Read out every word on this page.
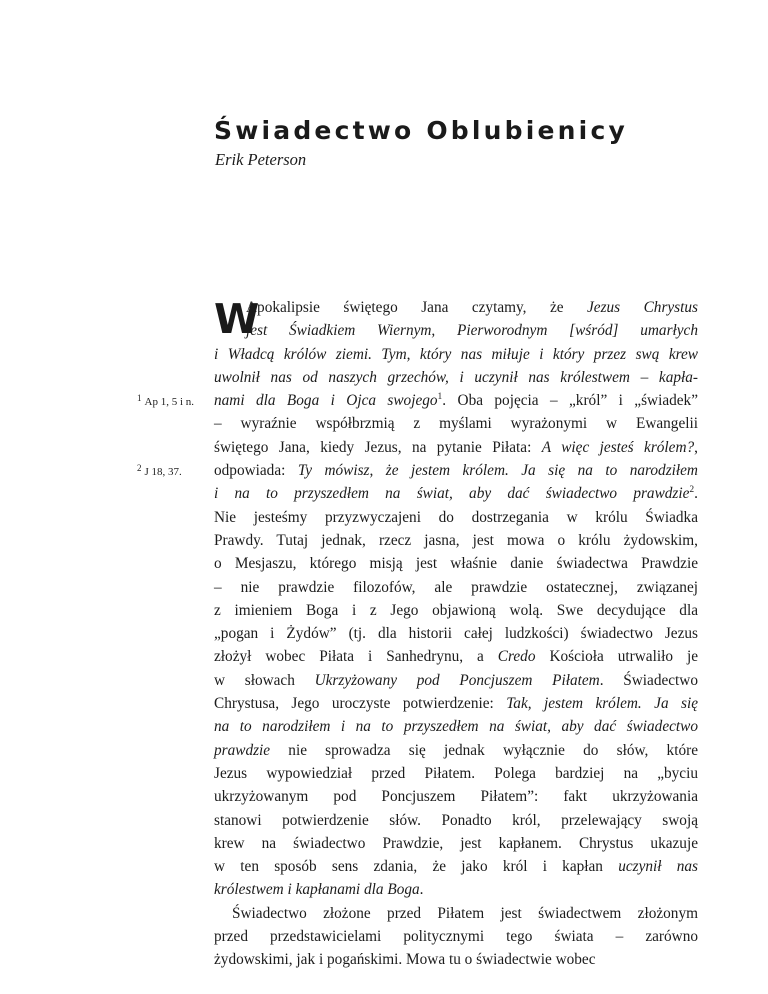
Świadectwo Oblubienicy
Erik Peterson
$^1$ Ap 1, 5 i n.
$^2$ J 18, 37.
W
Apokalipsie świętego Jana czytamy, że Jezus Chrystus
jest Świadkiem Wiernym, Pierworodnym [wśród] umarłych
i Władcą królów ziemi. Tym, który nas miłuje i który przez swą krew
uwolnił nas od naszych grzechów, i uczynił nas królestwem – kapła-
nami dla Boga i Ojca swojego$^1$. Oba pojęcia – „król” i „świadek”
– wyraźnie współbrzmią z myślami wyrażonymi w Ewangelii
świętego Jana, kiedy Jezus, na pytanie Piłata: A więc jesteś królem?,
odpowiada: Ty mówisz, że jestem królem. Ja się na to narodziłem
i na to przyszedłem na świat, aby dać świadectwo prawdzie$^2$.
Nie jesteśmy przyzwyczajeni do dostrzegania w królu Świadka
Prawdy. Tutaj jednak, rzecz jasna, jest mowa o królu żydowskim,
o Mesjaszu, którego misją jest właśnie danie świadectwa Prawdzie
– nie prawdzie filozofów, ale prawdzie ostatecznej, związanej
z imieniem Boga i z Jego objawioną wolą. Swe decydujące dla
„pogan i Żydów” (tj. dla historii całej ludzkości) świadectwo Jezus
złożył wobec Piłata i Sanhedrynu, a Credo Kościoła utrwaliło je
w słowach Ukrzyżowany pod Poncjuszem Piłatem. Świadectwo
Chrystusa, Jego uroczyste potwierdzenie: Tak, jestem królem. Ja się
na to narodziłem i na to przyszedłem na świat, aby dać świadectwo
prawdzie nie sprowadza się jednak wyłącznie do słów, które
Jezus wypowiedział przed Piłatem. Polega bardziej na „byciu
ukrzyżowanym pod Poncjuszem Piłatem”: fakt ukrzyżowania
stanowi potwierdzenie słów. Ponadto król, przelewający swoją
krew na świadectwo Prawdzie, jest kapłanem. Chrystus ukazuje
w ten sposób sens zdania, że jako król i kapłan uczynił nas
królestwem i kapłanami dla Boga.
Świadectwo złożone przed Piłatem jest świadectwem złożonym
przed przedstawicielami politycznymi tego świata – zarówno
żydowskimi, jak i pogańskimi. Mowa tu o świadectwie wobec
